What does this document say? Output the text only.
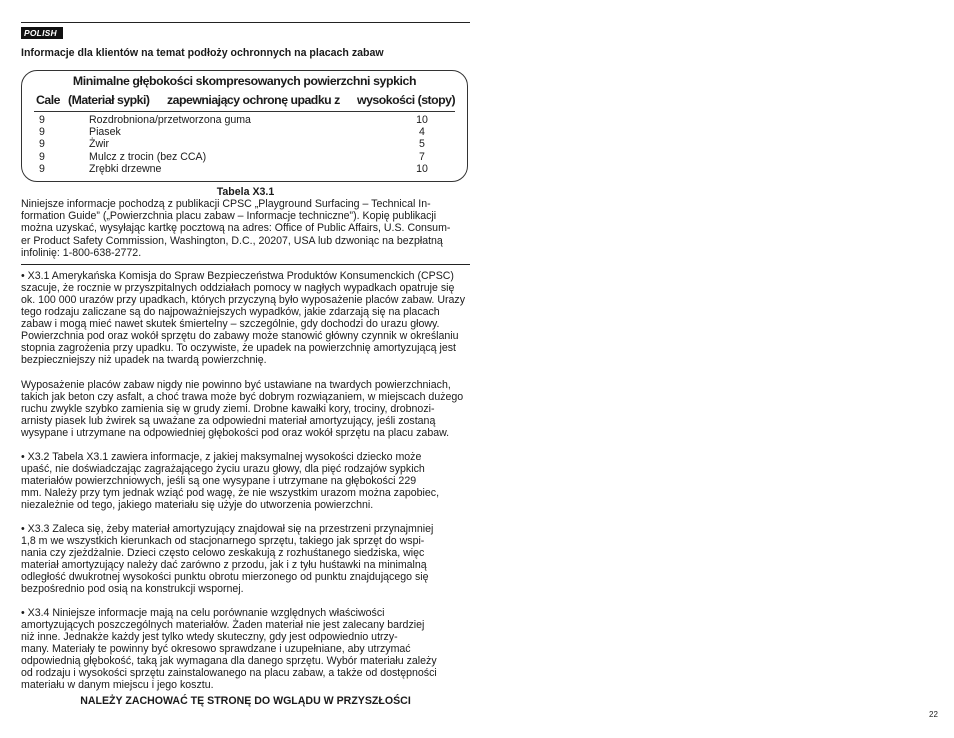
POLISH
Informacje dla klientów na temat podłoży ochronnych na placach zabaw
Minimalne głębokości skompresowanych powierzchni sypkich
Cale (Materiał sypki) zapewniający ochronę upadku z wysokości (stopy)
9	Rozdrobniona/przetworzona guma	10
9	Piasek	4
9	Żwir	5
9	Mulcz z trocin (bez CCA)	7
9	Zrębki drzewne	10
Tabela X3.1
Niniejsze informacje pochodzą z publikacji CPSC „Playground Surfacing – Technical In-
formation Guide” („Powierzchnia placu zabaw – Informacje techniczne”). Kopię publikacji
można uzyskać, wysyłając kartkę pocztową na adres: Office of Public Affairs, U.S. Consum-
er Product Safety Commission, Washington, D.C., 20207, USA lub dzwoniąc na bezpłatną
infolinię: 1-800-638-2772.
• X3.1 Amerykańska Komisja do Spraw Bezpieczeństwa Produktów Konsumenckich (CPSC)
szacuje, że rocznie w przyszpitalnych oddziałach pomocy w nagłych wypadkach opatruje się
ok. 100 000 urazów przy upadkach, których przyczyną było wyposażenie placów zabaw. Urazy
tego rodzaju zaliczane są do najpoważniejszych wypadków, jakie zdarzają się na placach
zabaw i mogą mieć nawet skutek śmiertelny – szczególnie, gdy dochodzi do urazu głowy.
Powierzchnia pod oraz wokół sprzętu do zabawy może stanowić główny czynnik w określaniu
stopnia zagrożenia przy upadku. To oczywiste, że upadek na powierzchnię amortyzującą jest
bezpieczniejszy niż upadek na twardą powierzchnię.
Wyposażenie placów zabaw nigdy nie powinno być ustawiane na twardych powierzchniach,
takich jak beton czy asfalt, a choć trawa może być dobrym rozwiązaniem, w miejscach dużego
ruchu zwykle szybko zamienia się w grudy ziemi. Drobne kawałki kory, trociny, drobnozi-
arnisty piasek lub żwirek są uważane za odpowiedni materiał amortyzujący, jeśli zostaną
wysypane i utrzymane na odpowiedniej głębokości pod oraz wokół sprzętu na placu zabaw.
• X3.2 Tabela X3.1 zawiera informacje, z jakiej maksymalnej wysokości dziecko może
upaść, nie doświadczając zagrażającego życiu urazu głowy, dla pięć rodzajów sypkich
materiałów powierzchniowych, jeśli są one wysypane i utrzymane na głębokości 229
mm. Należy przy tym jednak wziąć pod wagę, że nie wszystkim urazom można zapobiec,
niezależnie od tego, jakiego materiału się użyje do utworzenia powierzchni.
• X3.3 Zaleca się, żeby materiał amortyzujący znajdował się na przestrzeni przynajmniej
1,8 m we wszystkich kierunkach od stacjonarnego sprzętu, takiego jak sprzęt do wspi-
nania czy zjeżdżalnie. Dzieci często celowo zeskakują z rozhuśtanego siedziska, więc
materiał amortyzujący należy dać zarówno z przodu, jak i z tyłu huśtawki na minimalną
odległość dwukrotnej wysokości punktu obrotu mierzonego od punktu znajdującego się
bezpośrednio pod osią na konstrukcji wspornej.
• X3.4 Niniejsze informacje mają na celu porównanie względnych właściwości
amortyzujących poszczególnych materiałów. Żaden materiał nie jest zalecany bardziej
niż inne. Jednakże każdy jest tylko wtedy skuteczny, gdy jest odpowiednio utrzy-
many. Materiały te powinny być okresowo sprawdzane i uzupełniane, aby utrzymać
odpowiednią głębokość, taką jak wymagana dla danego sprzętu. Wybór materiału zależy
od rodzaju i wysokości sprzętu zainstalowanego na placu zabaw, a także od dostępności
materiału w danym miejscu i jego kosztu.
NALEŻY ZACHOWAĆ TĘ STRONĘ DO WGLĄDU W PRZYSZŁOŚCI
22
